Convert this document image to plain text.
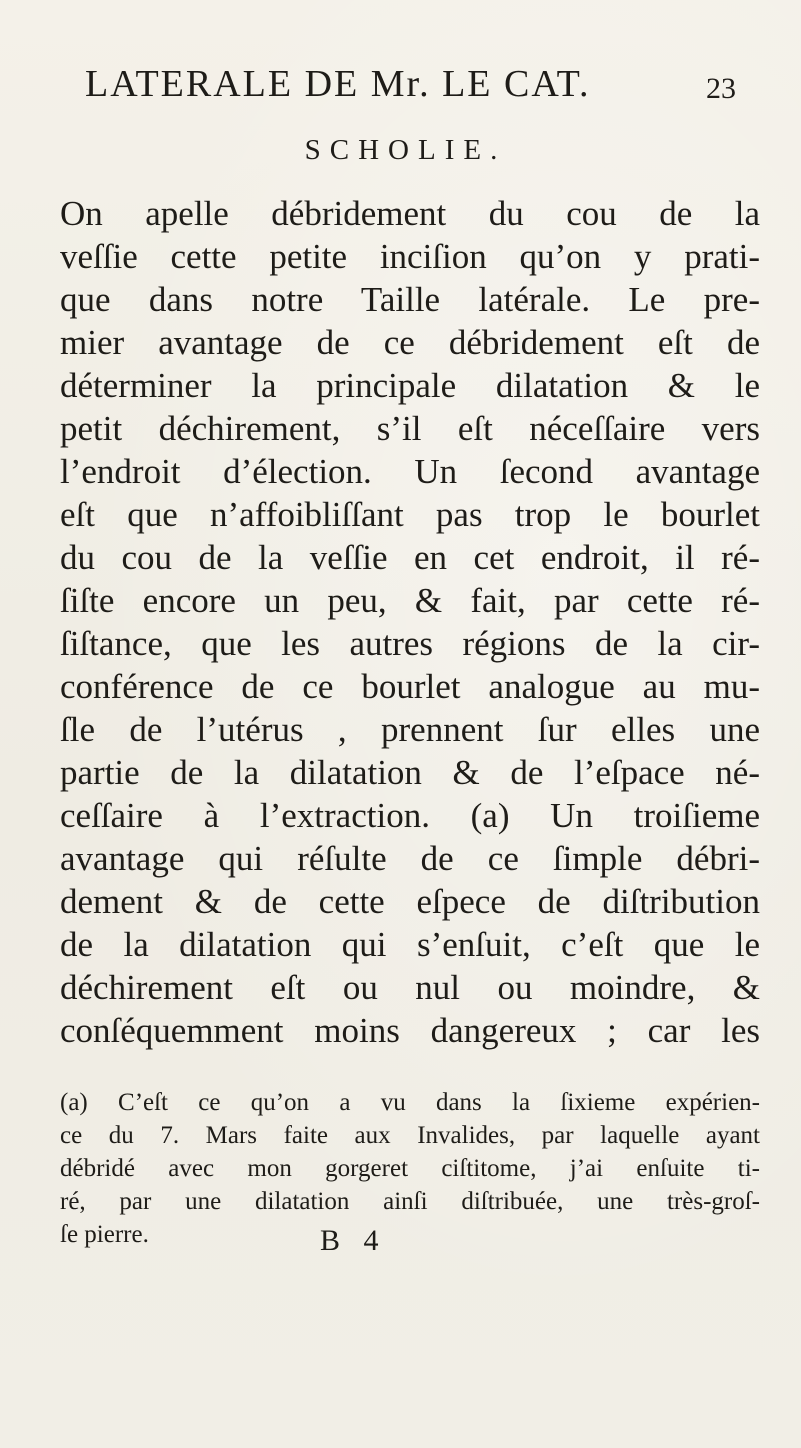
LATERALE DE Mr. LE CAT.	23
SCHOLIE.
On apelle débridement du cou de la
veſſie cette petite inciſion qu’on y prati-
que dans notre Taille latérale. Le pre-
mier avantage de ce débridement eſt de
déterminer la principale dilatation & le
petit déchirement, s’il eſt néceſſaire vers
l’endroit d’élection. Un ſecond avantage
eſt que n’affoibliſſant pas trop le bourlet
du cou de la veſſie en cet endroit, il ré-
ſiſte encore un peu, & fait, par cette ré-
ſiſtance, que les autres régions de la cir-
conférence de ce bourlet analogue au mu-
ſle de l’utérus , prennent ſur elles une
partie de la dilatation & de l’eſpace né-
ceſſaire à l’extraction. (a) Un troiſieme
avantage qui réſulte de ce ſimple débri-
dement & de cette eſpece de diſtribution
de la dilatation qui s’enſuit, c’eſt que le
déchirement eſt ou nul ou moindre, &
conſéquemment moins dangereux ; car les
(a) C’eſt ce qu’on a vu dans la ſixieme expérien-
ce du 7. Mars faite aux Invalides, par laquelle ayant
débridé avec mon gorgeret ciſtitome, j’ai enſuite ti-
ré, par une dilatation ainſi diſtribuée, une très-groſ-
ſe pierre.	B 4
